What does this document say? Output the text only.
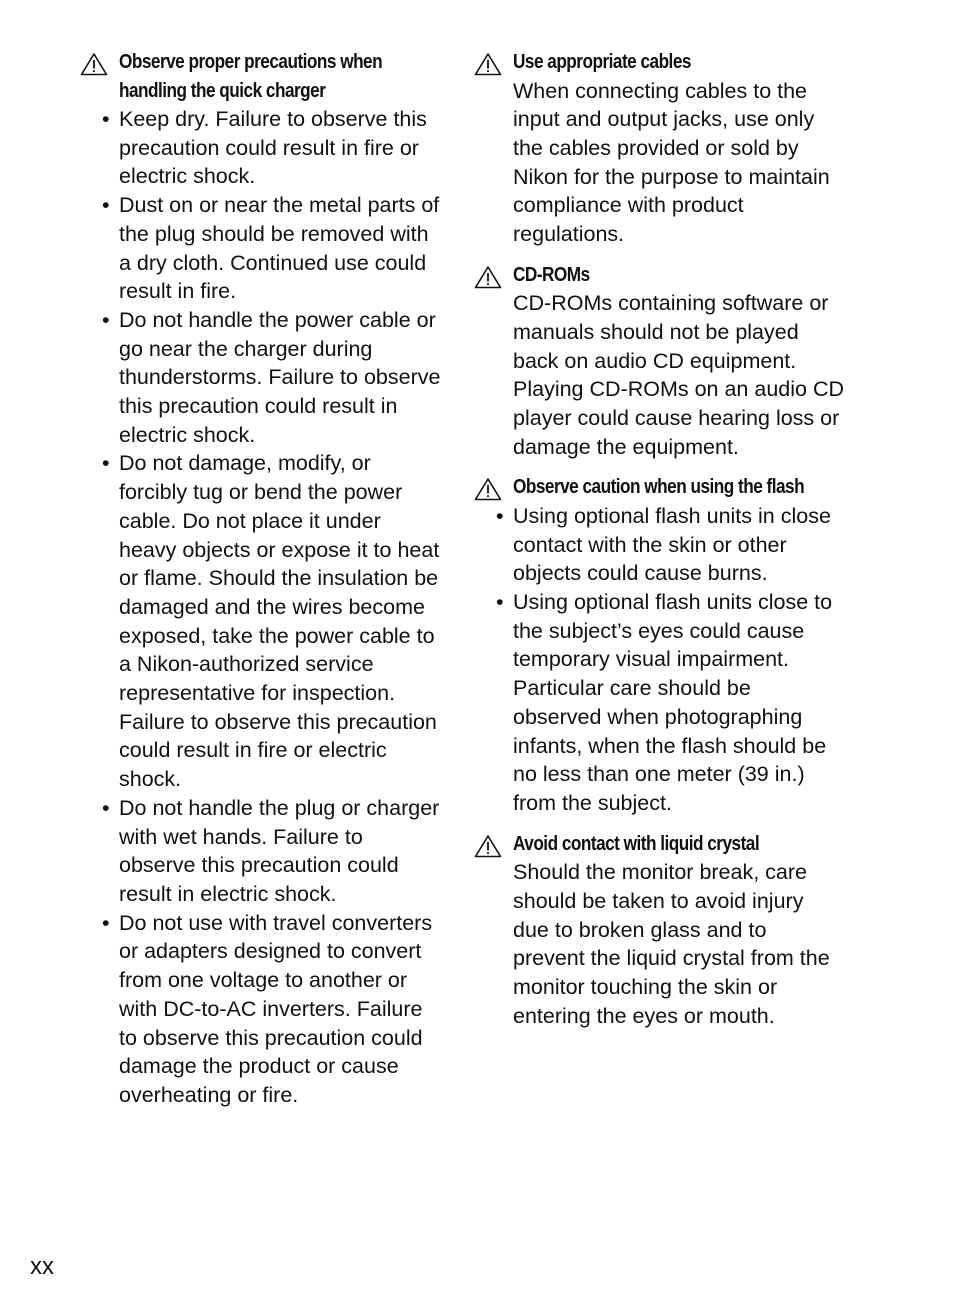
Observe proper precautions when
handling the quick charger
• Keep dry. Failure to observe this
precaution could result in fire or
electric shock.
• Dust on or near the metal parts of
the plug should be removed with
a dry cloth. Continued use could
result in fire.
• Do not handle the power cable or
go near the charger during
thunderstorms. Failure to observe
this precaution could result in
electric shock.
• Do not damage, modify, or
forcibly tug or bend the power
cable. Do not place it under
heavy objects or expose it to heat
or flame. Should the insulation be
damaged and the wires become
exposed, take the power cable to
a Nikon-authorized service
representative for inspection.
Failure to observe this precaution
could result in fire or electric
shock.
• Do not handle the plug or charger
with wet hands. Failure to
observe this precaution could
result in electric shock.
• Do not use with travel converters
or adapters designed to convert
from one voltage to another or
with DC-to-AC inverters. Failure
to observe this precaution could
damage the product or cause
overheating or fire.
Use appropriate cables
When connecting cables to the
input and output jacks, use only
the cables provided or sold by
Nikon for the purpose to maintain
compliance with product
regulations.
CD-ROMs
CD-ROMs containing software or
manuals should not be played
back on audio CD equipment.
Playing CD-ROMs on an audio CD
player could cause hearing loss or
damage the equipment.
Observe caution when using the flash
• Using optional flash units in close
contact with the skin or other
objects could cause burns.
• Using optional flash units close to
the subject’s eyes could cause
temporary visual impairment.
Particular care should be
observed when photographing
infants, when the flash should be
no less than one meter (39 in.)
from the subject.
Avoid contact with liquid crystal
Should the monitor break, care
should be taken to avoid injury
due to broken glass and to
prevent the liquid crystal from the
monitor touching the skin or
entering the eyes or mouth.
xx
